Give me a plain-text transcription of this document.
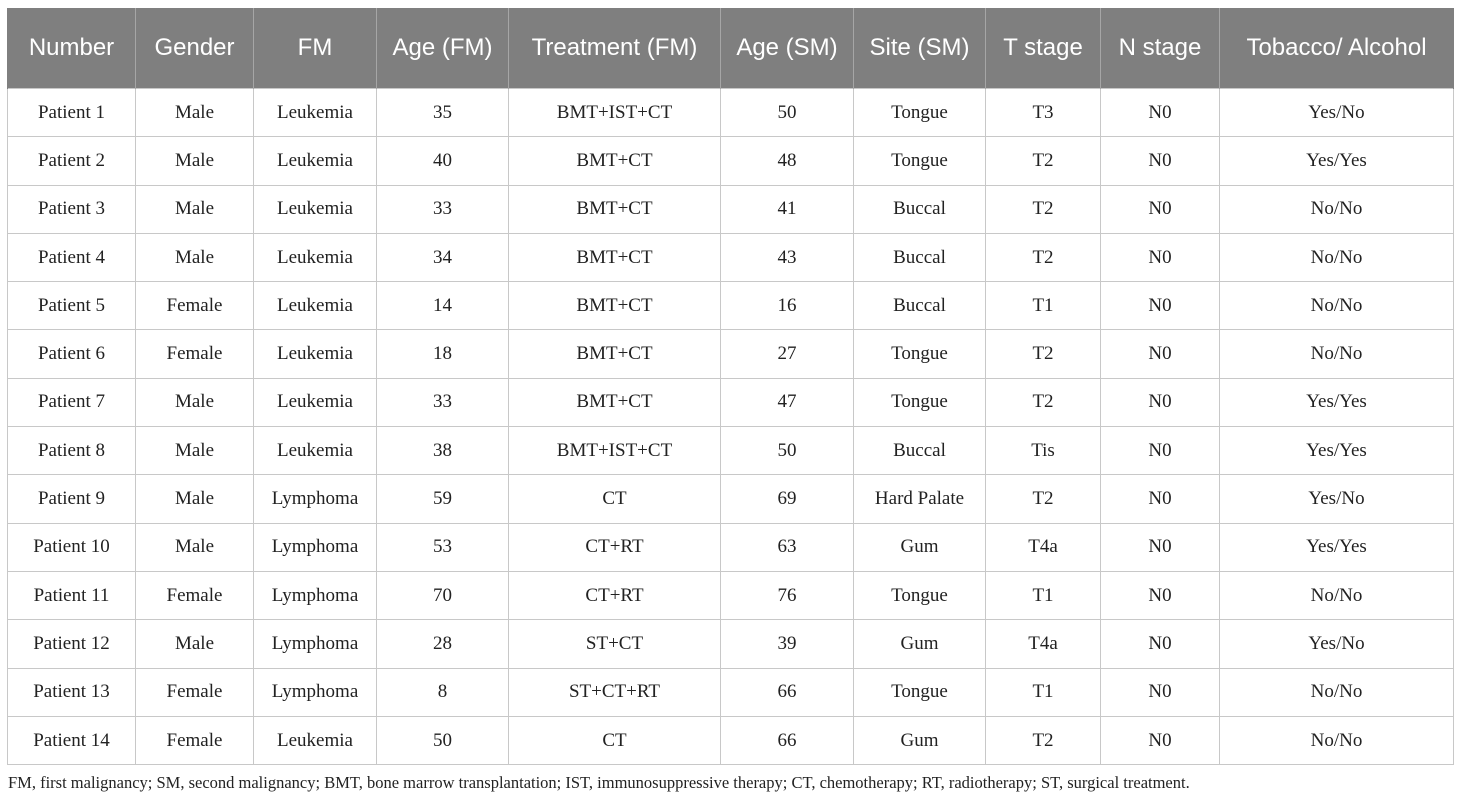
Number	Gender	FM	Age (FM)	Treatment (FM)	Age (SM)	Site (SM)	T stage	N stage	Tobacco/ Alcohol
Patient 1	Male	Leukemia	35	BMT+IST+CT	50	Tongue	T3	N0	Yes/No
Patient 2	Male	Leukemia	40	BMT+CT	48	Tongue	T2	N0	Yes/Yes
Patient 3	Male	Leukemia	33	BMT+CT	41	Buccal	T2	N0	No/No
Patient 4	Male	Leukemia	34	BMT+CT	43	Buccal	T2	N0	No/No
Patient 5	Female	Leukemia	14	BMT+CT	16	Buccal	T1	N0	No/No
Patient 6	Female	Leukemia	18	BMT+CT	27	Tongue	T2	N0	No/No
Patient 7	Male	Leukemia	33	BMT+CT	47	Tongue	T2	N0	Yes/Yes
Patient 8	Male	Leukemia	38	BMT+IST+CT	50	Buccal	Tis	N0	Yes/Yes
Patient 9	Male	Lymphoma	59	CT	69	Hard Palate	T2	N0	Yes/No
Patient 10	Male	Lymphoma	53	CT+RT	63	Gum	T4a	N0	Yes/Yes
Patient 11	Female	Lymphoma	70	CT+RT	76	Tongue	T1	N0	No/No
Patient 12	Male	Lymphoma	28	ST+CT	39	Gum	T4a	N0	Yes/No
Patient 13	Female	Lymphoma	8	ST+CT+RT	66	Tongue	T1	N0	No/No
Patient 14	Female	Leukemia	50	CT	66	Gum	T2	N0	No/No
FM, first malignancy; SM, second malignancy; BMT, bone marrow transplantation; IST, immunosuppressive therapy; CT, chemotherapy; RT, radiotherapy; ST, surgical treatment.
